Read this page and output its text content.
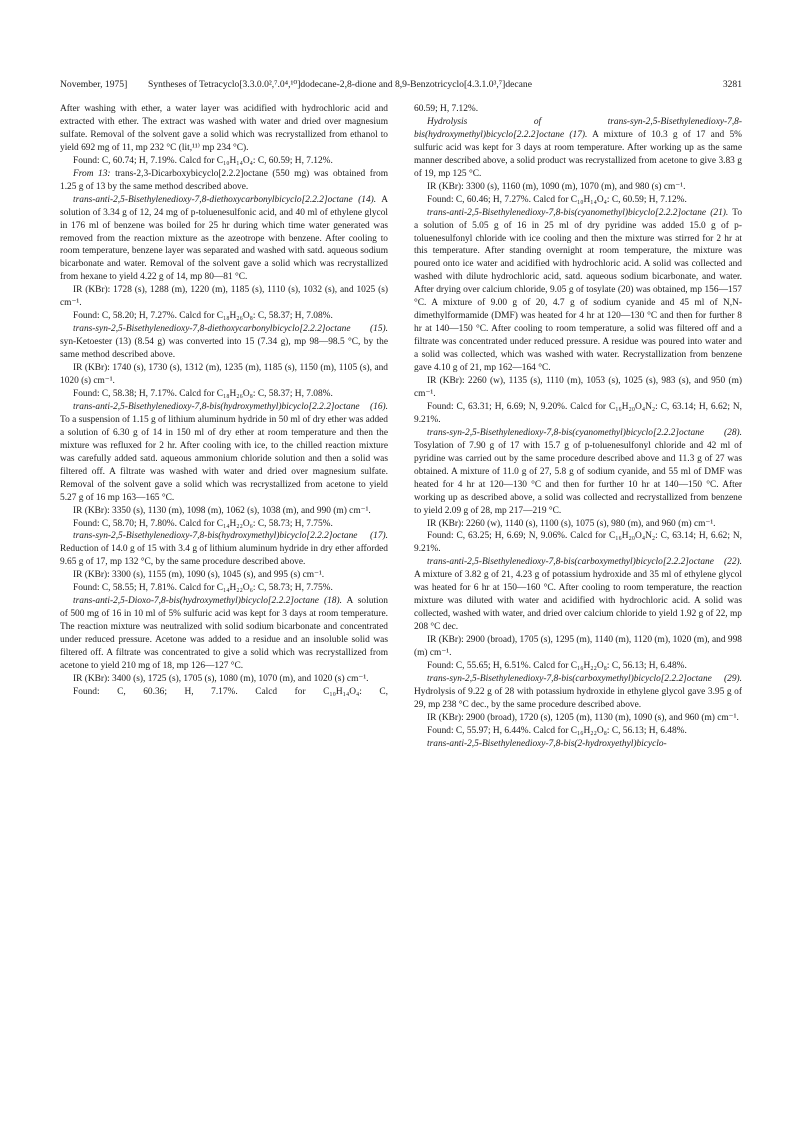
November, 1975] Syntheses of Tetracyclo[3.3.0.0²,⁷.0⁴,¹⁰]dodecane-2,8-dione and 8,9-Benzotricyclo[4.3.1.0³,⁷]decane	3281

After washing with ether, a water layer was acidified with hydrochloric acid and extracted with ether. The extract was washed with water and dried over magnesium sulfate. Removal of the solvent gave a solid which was recrystallized from ethanol to yield 692 mg of 11, mp 232 °C (lit,¹¹⁾ mp 234 °C).

Found: C, 60.74; H, 7.19%. Calcd for C₁₀H₁₄O₄: C, 60.59; H, 7.12%.

From 13: trans-2,3-Dicarboxybicyclo[2.2.2]octane (550 mg) was obtained from 1.25 g of 13 by the same method described above.

trans-anti-2,5-Bisethylenedioxy-7,8-diethoxycarbonylbicyclo[2.2.2]octane (14). A solution of 3.34 g of 12, 24 mg of p-toluenesulfonic acid, and 40 ml of ethylene glycol in 176 ml of benzene was boiled for 25 hr during which time water generated was removed from the reaction mixture as the azeotrope with benzene. After cooling to room temperature, benzene layer was separated and washed with satd. aqueous sodium bicarbonate and water. Removal of the solvent gave a solid which was recrystallized from hexane to yield 4.22 g of 14, mp 80—81 °C.

IR (KBr): 1728 (s), 1288 (m), 1220 (m), 1185 (s), 1110 (s), 1032 (s), and 1025 (s) cm⁻¹.

Found: C, 58.20; H, 7.27%. Calcd for C₁₈H₂₆O₈: C, 58.37; H, 7.08%.

trans-syn-2,5-Bisethylenedioxy-7,8-diethoxycarbonylbicyclo[2.2.2]octane (15). syn-Ketoester (13) (8.54 g) was converted into 15 (7.34 g), mp 98—98.5 °C, by the same method described above.

IR (KBr): 1740 (s), 1730 (s), 1312 (m), 1235 (m), 1185 (s), 1150 (m), 1105 (s), and 1020 (s) cm⁻¹.

Found: C, 58.38; H, 7.17%. Calcd for C₁₈H₂₆O₈: C, 58.37; H, 7.08%.

trans-anti-2,5-Bisethylenedioxy-7,8-bis(hydroxymethyl)bicyclo[2.2.2]octane (16). To a suspension of 1.15 g of lithium aluminum hydride in 50 ml of dry ether was added a solution of 6.30 g of 14 in 150 ml of dry ether at room temperature and then the mixture was refluxed for 2 hr. After cooling with ice, to the chilled reaction mixture was carefully added satd. aqueous ammonium chloride solution and then a solid was filtered off. A filtrate was washed with water and dried over magnesium sulfate. Removal of the solvent gave a solid which was recrystallized from acetone to yield 5.27 g of 16 mp 163—165 °C.

IR (KBr): 3350 (s), 1130 (m), 1098 (m), 1062 (s), 1038 (m), and 990 (m) cm⁻¹.

Found: C, 58.70; H, 7.80%. Calcd for C₁₄H₂₂O₆: C, 58.73; H, 7.75%.

trans-syn-2,5-Bisethylenedioxy-7,8-bis(hydroxymethyl)bicyclo[2.2.2]octane (17). Reduction of 14.0 g of 15 with 3.4 g of lithium aluminum hydride in dry ether afforded 9.65 g of 17, mp 132 °C, by the same procedure described above.

IR (KBr): 3300 (s), 1155 (m), 1090 (s), 1045 (s), and 995 (s) cm⁻¹.

Found: C, 58.55; H, 7.81%. Calcd for C₁₄H₂₂O₆: C, 58.73; H, 7.75%.

trans-anti-2,5-Dioxo-7,8-bis(hydroxymethyl)bicyclo[2.2.2]octane (18). A solution of 500 mg of 16 in 10 ml of 5% sulfuric acid was kept for 3 days at room temperature. The reaction mixture was neutralized with solid sodium bicarbonate and concentrated under reduced pressure. Acetone was added to a residue and an insoluble solid was filtered off. A filtrate was concentrated to give a solid which was recrystallized from acetone to yield 210 mg of 18, mp 126—127 °C.

IR (KBr): 3400 (s), 1725 (s), 1705 (s), 1080 (m), 1070 (m), and 1020 (s) cm⁻¹.

Found: C, 60.36; H, 7.17%. Calcd for C₁₀H₁₄O₄: C,

60.59; H, 7.12%.

Hydrolysis of trans-syn-2,5-Bisethylenedioxy-7,8-bis(hydroxymethyl)bicyclo[2.2.2]octane (17). A mixture of 10.3 g of 17 and 5% sulfuric acid was kept for 3 days at room temperature. After working up as the same manner described above, a solid product was recrystallized from acetone to give 3.83 g of 19, mp 125 °C.

IR (KBr): 3300 (s), 1160 (m), 1090 (m), 1070 (m), and 980 (s) cm⁻¹.

Found: C, 60.46; H, 7.27%. Calcd for C₁₀H₁₄O₄: C, 60.59; H, 7.12%.

trans-anti-2,5-Bisethylenedioxy-7,8-bis(cyanomethyl)bicyclo[2.2.2]octane (21). To a solution of 5.05 g of 16 in 25 ml of dry pyridine was added 15.0 g of p-toluenesulfonyl chloride with ice cooling and then the mixture was stirred for 2 hr at this temperature. After standing overnight at room temperature, the mixture was poured onto ice water and acidified with hydrochloric acid. A solid was collected and washed with dilute hydrochloric acid, satd. aqueous sodium bicarbonate, and water. After drying over calcium chloride, 9.05 g of tosylate (20) was obtained, mp 156—157 °C. A mixture of 9.00 g of 20, 4.7 g of sodium cyanide and 45 ml of N,N-dimethylformamide (DMF) was heated for 4 hr at 120—130 °C and then for further 8 hr at 140—150 °C. After cooling to room temperature, a solid was filtered off and a filtrate was concentrated under reduced pressure. A residue was poured into water and a solid was collected, which was washed with water. Recrystallization from benzene gave 4.10 g of 21, mp 162—164 °C.

IR (KBr): 2260 (w), 1135 (s), 1110 (m), 1053 (s), 1025 (s), 983 (s), and 950 (m) cm⁻¹.

Found: C, 63.31; H, 6.69; N, 9.20%. Calcd for C₁₆H₂₀O₄N₂: C, 63.14; H, 6.62; N, 9.21%.

trans-syn-2,5-Bisethylenedioxy-7,8-bis(cyanomethyl)bicyclo[2.2.2]octane (28). Tosylation of 7.90 g of 17 with 15.7 g of p-toluenesulfonyl chloride and 42 ml of pyridine was carried out by the same procedure described above and 11.3 g of 27 was obtained. A mixture of 11.0 g of 27, 5.8 g of sodium cyanide, and 55 ml of DMF was heated for 4 hr at 120—130 °C and then for further 10 hr at 140—150 °C. After working up as described above, a solid was collected and recrystallized from benzene to yield 2.09 g of 28, mp 217—219 °C.

IR (KBr): 2260 (w), 1140 (s), 1100 (s), 1075 (s), 980 (m), and 960 (m) cm⁻¹.

Found: C, 63.25; H, 6.69; N, 9.06%. Calcd for C₁₆H₂₀O₄N₂: C, 63.14; H, 6.62; N, 9.21%.

trans-anti-2,5-Bisethylenedioxy-7,8-bis(carboxymethyl)bicyclo[2.2.2]octane (22). A mixture of 3.82 g of 21, 4.23 g of potassium hydroxide and 35 ml of ethylene glycol was heated for 6 hr at 150—160 °C. After cooling to room temperature, the reaction mixture was diluted with water and acidified with hydrochloric acid. A solid was collected, washed with water, and dried over calcium chloride to yield 1.92 g of 22, mp 208 °C dec.

IR (KBr): 2900 (broad), 1705 (s), 1295 (m), 1140 (m), 1120 (m), 1020 (m), and 998 (m) cm⁻¹.

Found: C, 55.65; H, 6.51%. Calcd for C₁₆H₂₂O₈: C, 56.13; H, 6.48%.

trans-syn-2,5-Bisethylenedioxy-7,8-bis(carboxymethyl)bicyclo[2.2.2]octane (29). Hydrolysis of 9.22 g of 28 with potassium hydroxide in ethylene glycol gave 3.95 g of 29, mp 238 °C dec., by the same procedure described above.

IR (KBr): 2900 (broad), 1720 (s), 1205 (m), 1130 (m), 1090 (s), and 960 (m) cm⁻¹.

Found: C, 55.97; H, 6.44%. Calcd for C₁₆H₂₂O₈: C, 56.13; H, 6.48%.

trans-anti-2,5-Bisethylenedioxy-7,8-bis(2-hydroxyethyl)bicyclo-
